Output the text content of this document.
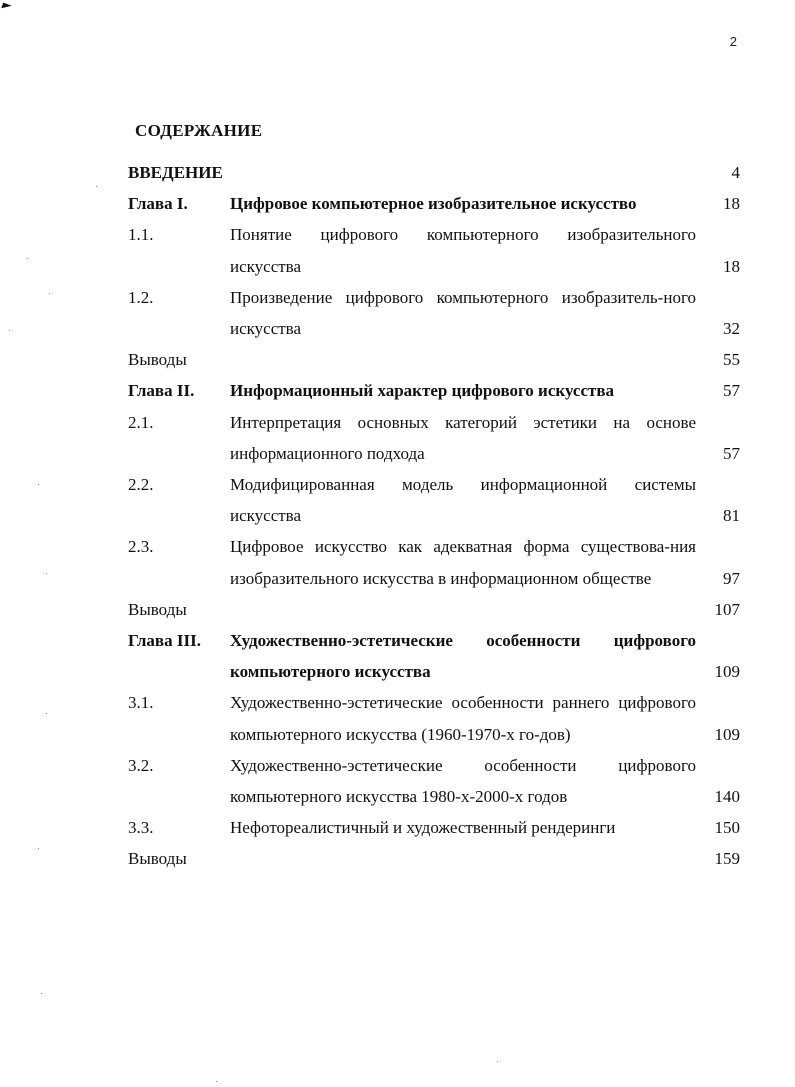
2
СОДЕРЖАНИЕ
ВВЕДЕНИЕ	4
Глава I.	Цифровое компьютерное изобразительное искусство	18
1.1.	Понятие цифрового компьютерного изобразительного искусства	18
1.2.	Произведение цифрового компьютерного изобразитель-ного искусства	32
Выводы	55
Глава II.	Информационный характер цифрового искусства	57
2.1.	Интерпретация основных категорий эстетики на основе информационного подхода	57
2.2.	Модифицированная модель информационной системы искусства	81
2.3.	Цифровое искусство как адекватная форма существова-ния изобразительного искусства в информационном обществе	97
Выводы	107
Глава III.	Художественно-эстетические особенности цифрового компьютерного искусства	109
3.1.	Художественно-эстетические особенности раннего цифрового компьютерного искусства (1960-1970-х го-дов)	109
3.2.	Художественно-эстетические особенности цифрового компьютерного искусства 1980-х-2000-х годов	140
3.3.	Нефотореалистичный и художественный рендеринги	150
Выводы	159
